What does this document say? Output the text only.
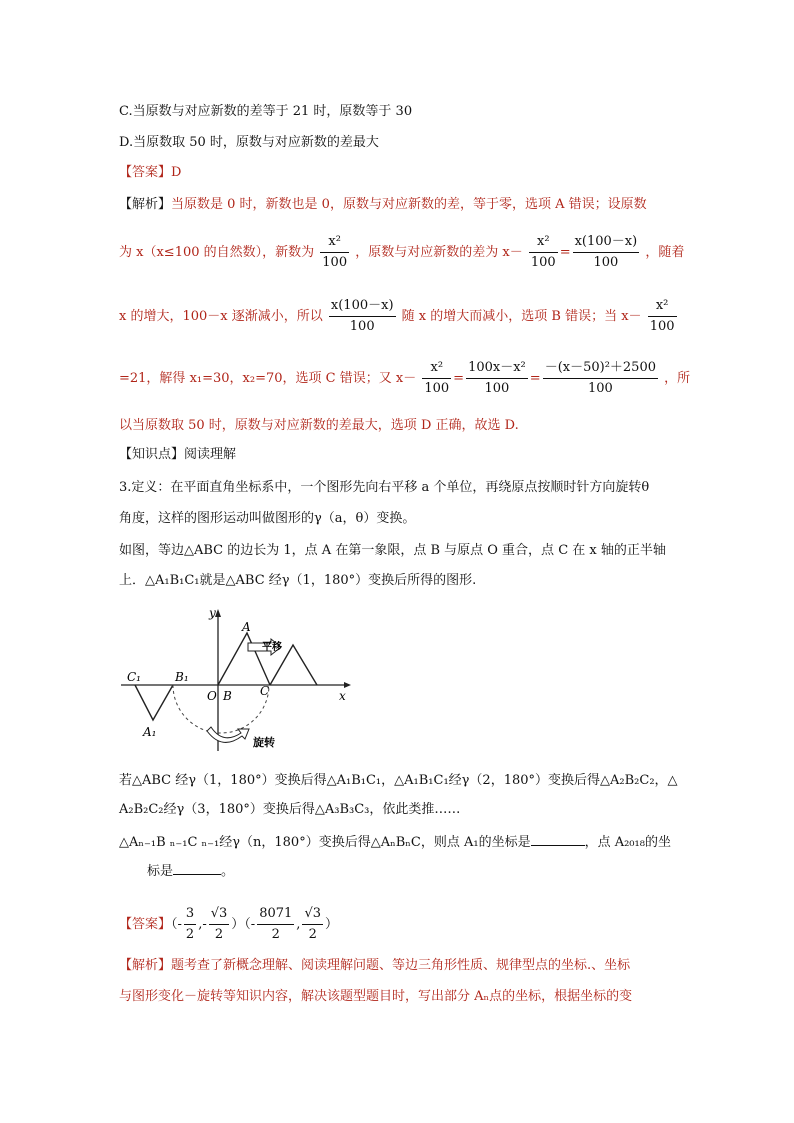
C.当原数与对应新数的差等于 21 时，原数等于 30
D.当原数取 50 时，原数与对应新数的差最大
【答案】D
【解析】当原数是 0 时，新数也是 0，原数与对应新数的差，等于零，选项 A 错误；设原数
为 x（x≤100 的自然数），新数为 $\frac{\text{x²}}{100}$ ，原数与对应新数的差为 $x- \frac{\text{x²}}{100} = \frac{x(100-x)}{100}$ ，随着
x 的增大，100－x 逐渐减小，所以 $\frac{x(100-x)}{100}$ 随 x 的增大而减小，选项 B 错误；当 $x- \frac{\text{x²}}{100}$
=21，解得 x₁=30，x₂=70，选项 C 错误；又 $x- \frac{\text{x²}}{100} = \frac{\text{100x－x²}}{100} = \frac{\text{－(x－50)²＋2500}}{100}$ ，所
以当原数取 50 时，原数与对应新数的差最大，选项 D 正确，故选 D.
【知识点】阅读理解
3.定义：在平面直角坐标系中，一个图形先向右平移 a 个单位，再绕原点按顺时针方向旋转θ
角度，这样的图形运动叫做图形的γ（a，θ）变换。
如图，等边△ABC 的边长为 1，点 A 在第一象限，点 B 与原点 O 重合，点 C 在 x 轴的正半轴
上．△A₁B₁C₁就是△ABC 经γ（1，180°）变换后所得的图形.
y
x
A
O B C
C₁	B₁
A₁
平移
旋转
若△ABC 经γ（1，180°）变换后得△A₁B₁C₁，△A₁B₁C₁经γ（2，180°）变换后得△A₂B₂C₂，△
A₂B₂C₂经γ（3，180°）变换后得△A₃B₃C₃，依此类推……
△Aₙ₋₁B ₙ₋₁C ₙ₋₁经γ（n，180°）变换后得△AₙBₙC，则点 A₁的坐标是	，点 A₂₀₁₈的坐
标是	。
【答案】（- $\frac{3}{2}$ ,- $\frac{√3}{2}$ ）（- $\frac{8071}{2}$ , $\frac{√3}{2}$ ）
【解析】题考查了新概念理解、阅读理解问题、等边三角形性质、规律型点的坐标.、坐标
与图形变化－旋转等知识内容，解决该题型题目时，写出部分 Aₙ点的坐标，根据坐标的变
